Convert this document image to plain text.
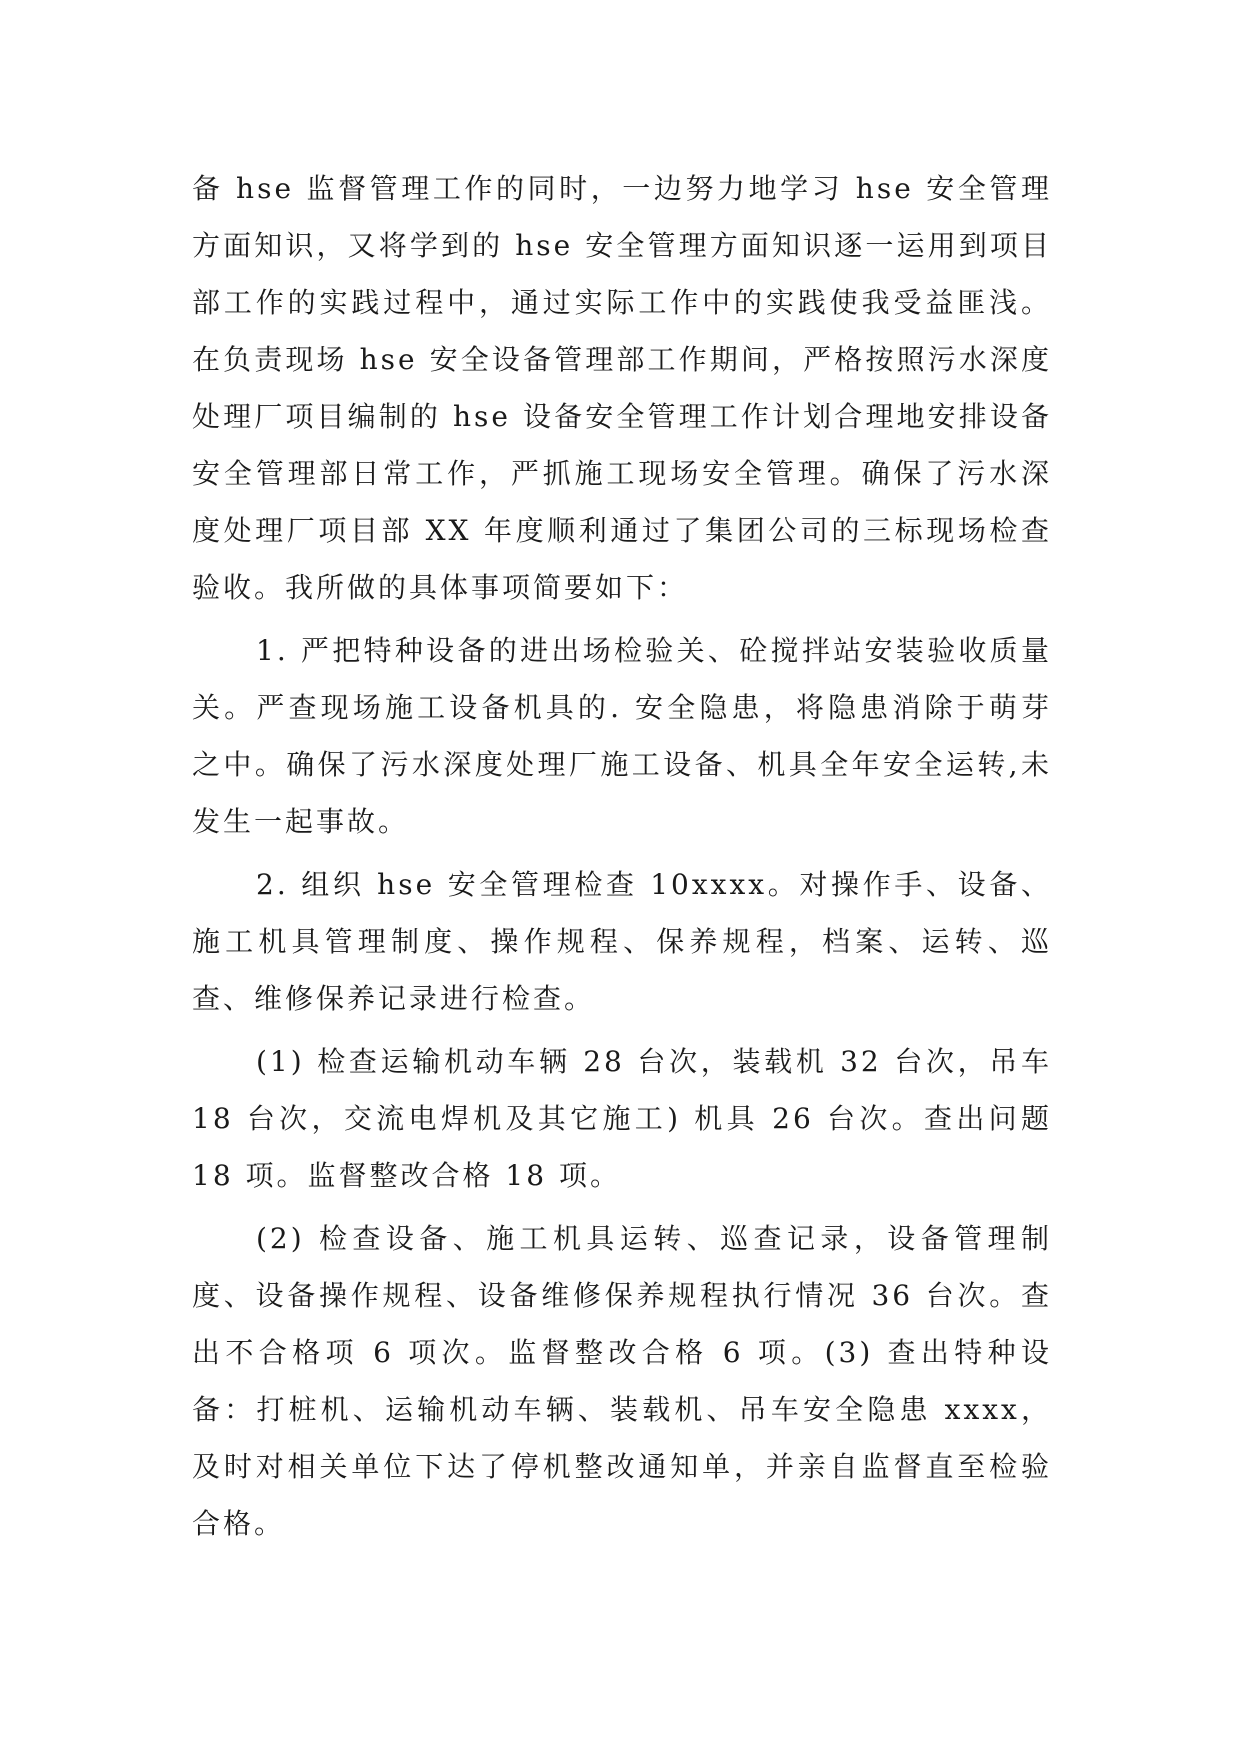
备 hse 监督管理工作的同时，一边努力地学习 hse 安全管理方面知识，又将学到的 hse 安全管理方面知识逐一运用到项目部工作的实践过程中，通过实际工作中的实践使我受益匪浅。在负责现场 hse 安全设备管理部工作期间，严格按照污水深度处理厂项目编制的 hse 设备安全管理工作计划合理地安排设备安全管理部日常工作，严抓施工现场安全管理。确保了污水深度处理厂项目部 XX 年度顺利通过了集团公司的三标现场检查验收。我所做的具体事项简要如下：

1. 严把特种设备的进出场检验关、砼搅拌站安装验收质量关。严查现场施工设备机具的. 安全隐患，将隐患消除于萌芽之中。确保了污水深度处理厂施工设备、机具全年安全运转,未发生一起事故。

2. 组织 hse 安全管理检查 10xxxx。对操作手、设备、施工机具管理制度、操作规程、保养规程，档案、运转、巡查、维修保养记录进行检查。

(1) 检查运输机动车辆 28 台次，装载机 32 台次，吊车 18 台次，交流电焊机及其它施工) 机具 26 台次。查出问题 18 项。监督整改合格 18 项。

(2) 检查设备、施工机具运转、巡查记录，设备管理制度、设备操作规程、设备维修保养规程执行情况 36 台次。查出不合格项 6 项次。监督整改合格 6 项。(3) 查出特种设备：打桩机、运输机动车辆、装载机、吊车安全隐患 xxxx，及时对相关单位下达了停机整改通知单，并亲自监督直至检验合格。
